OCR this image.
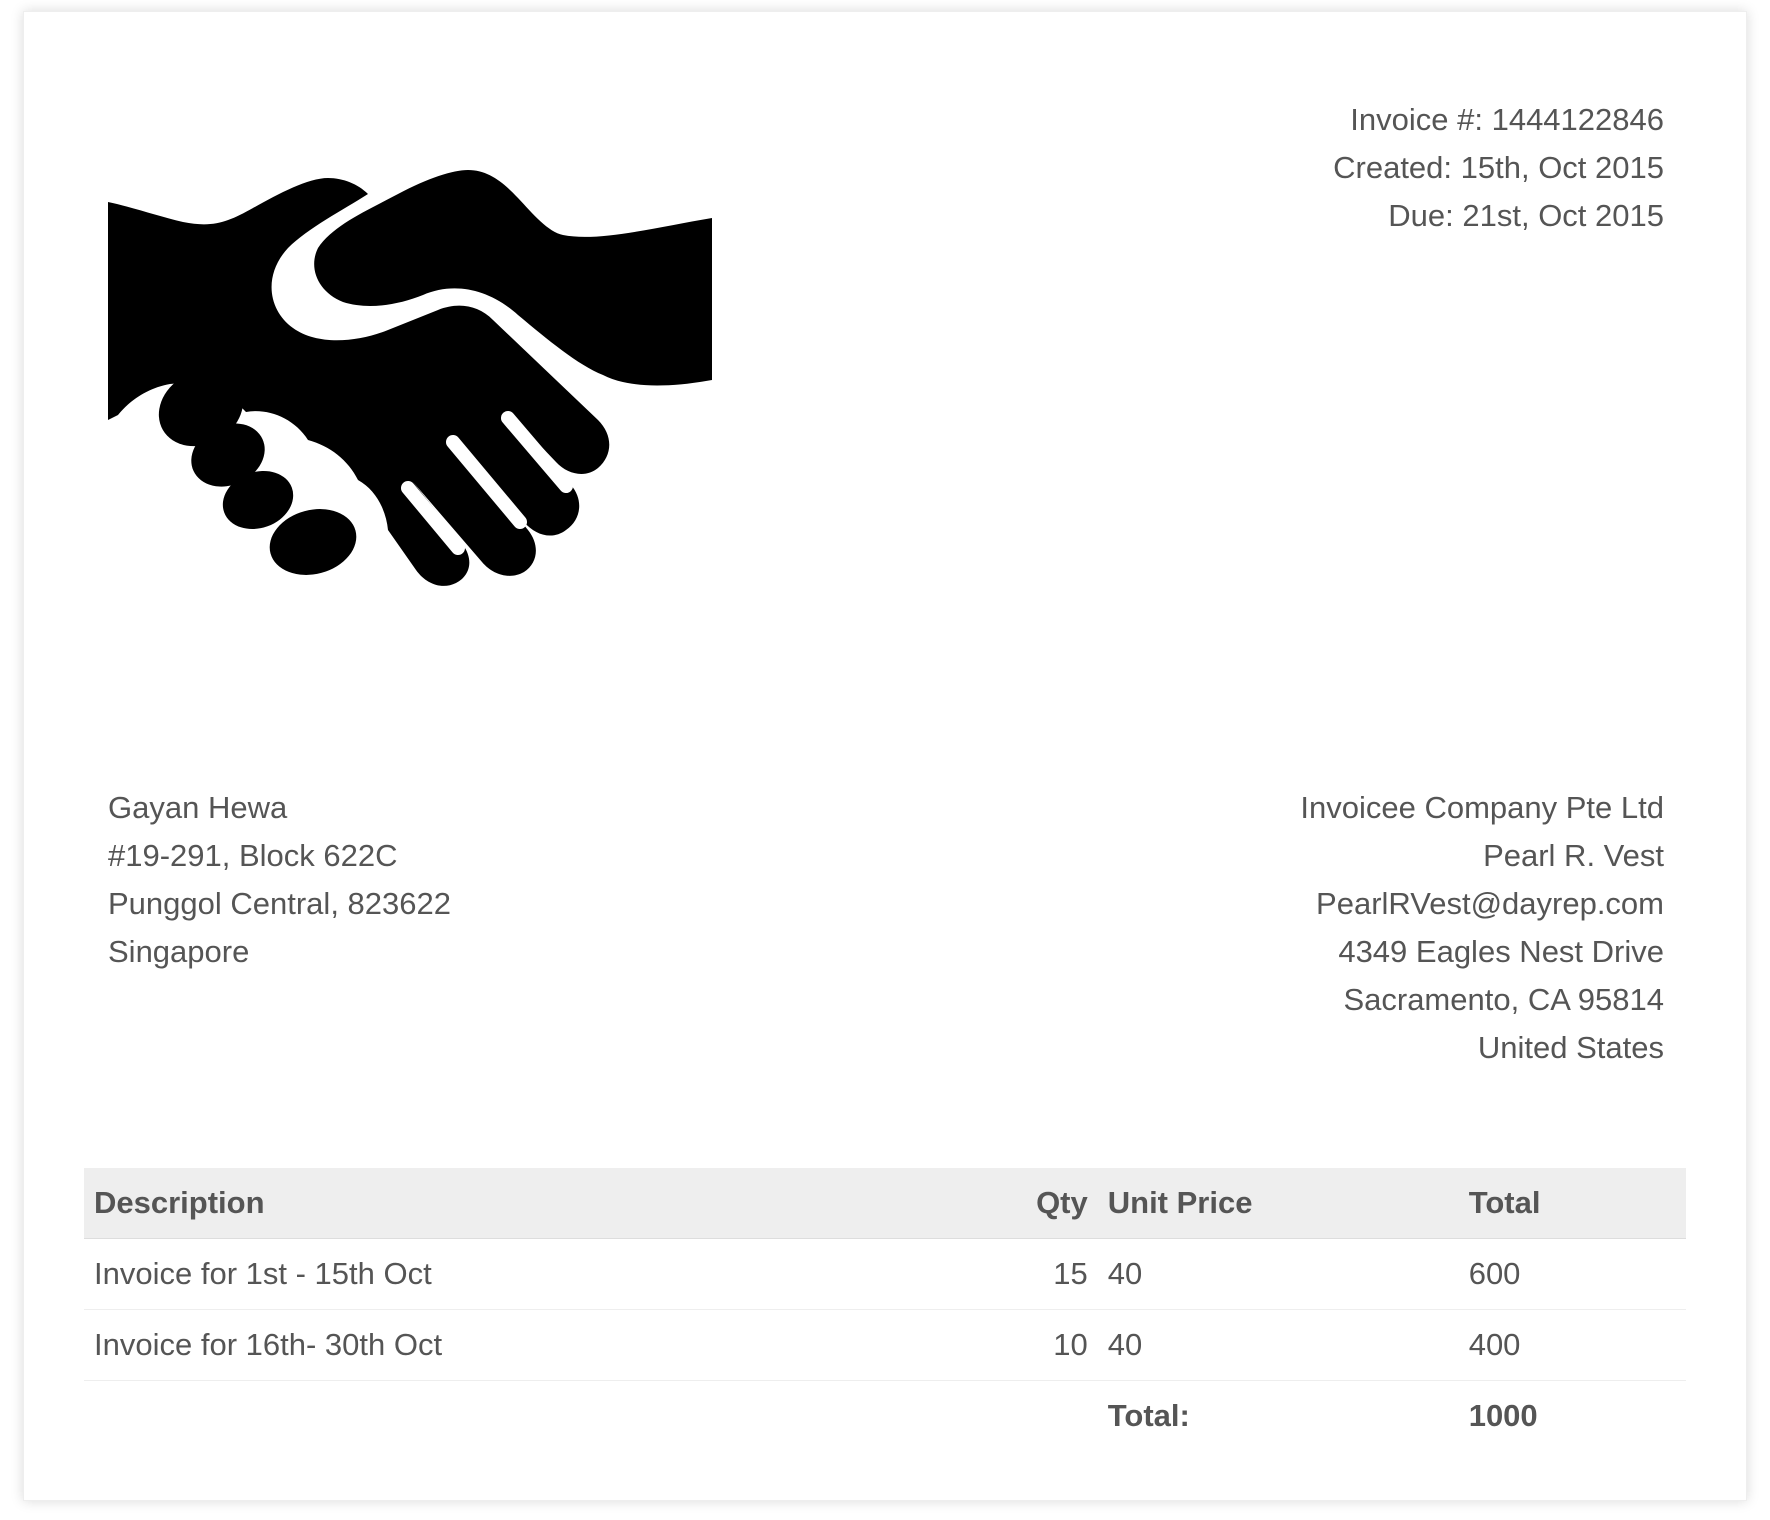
Invoice #: 1444122846
Created: 15th, Oct 2015
Due: 21st, Oct 2015
Gayan Hewa
#19-291, Block 622C
Punggol Central, 823622
Singapore
Invoicee Company Pte Ltd
Pearl R. Vest
PearlRVest@dayrep.com
4349 Eagles Nest Drive
Sacramento, CA 95814
United States
Description	Qty	Unit Price	Total
Invoice for 1st - 15th Oct	15	40	600
Invoice for 16th- 30th Oct	10	40	400
		Total:	1000
